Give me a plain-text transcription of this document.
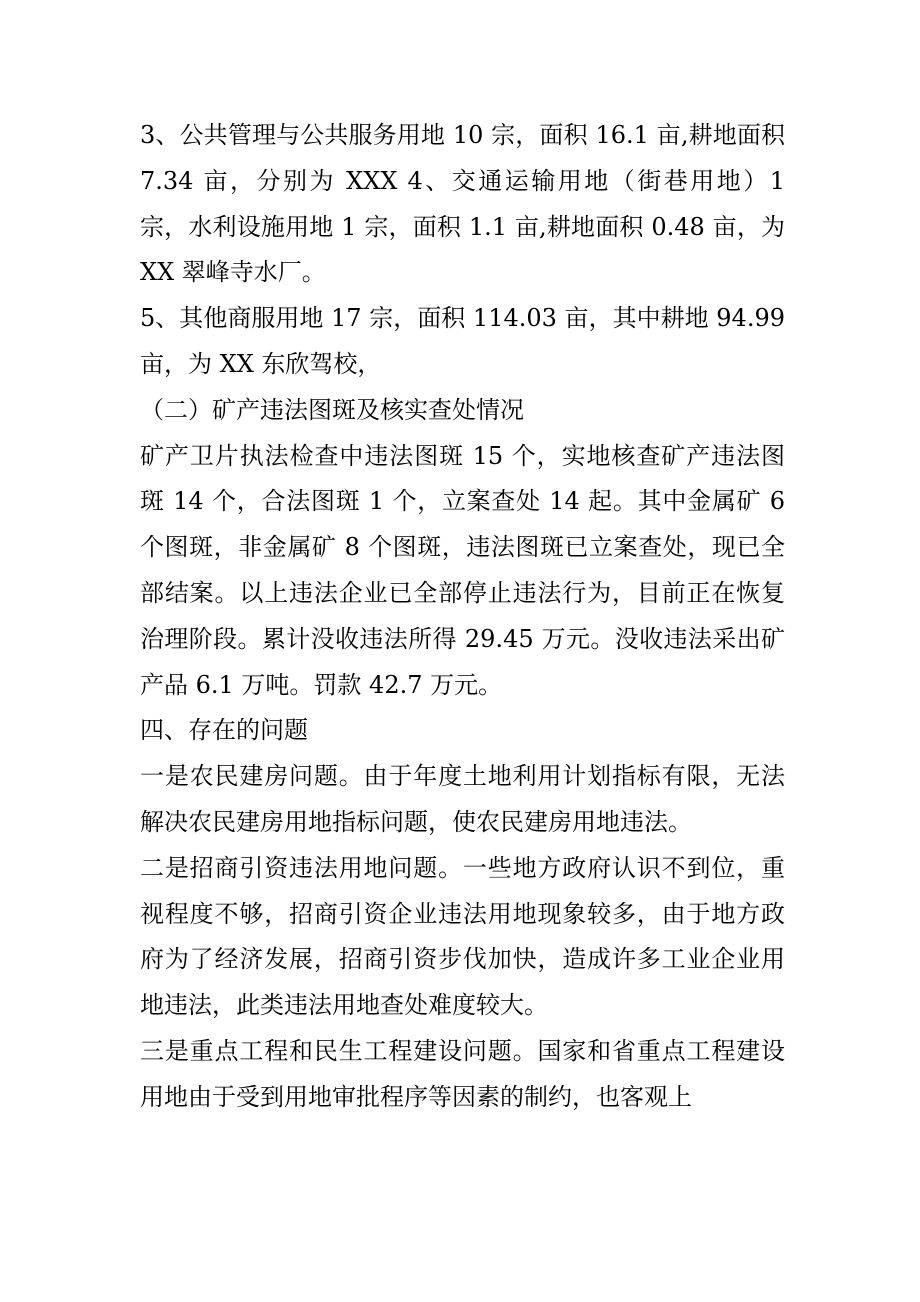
3、公共管理与公共服务用地 10 宗，面积 16.1 亩,耕地面积 7.34 亩，分别为 XXX 4、交通运输用地（街巷用地）1 宗，水利设施用地 1 宗，面积 1.1 亩,耕地面积 0.48 亩，为 XX 翠峰寺水厂。

5、其他商服用地 17 宗，面积 114.03 亩，其中耕地 94.99 亩，为 XX 东欣驾校，

（二）矿产违法图斑及核实查处情况

矿产卫片执法检查中违法图斑 15 个，实地核查矿产违法图斑 14 个，合法图斑 1 个，立案查处 14 起。其中金属矿 6 个图斑，非金属矿 8 个图斑，违法图斑已立案查处，现已全部结案。以上违法企业已全部停止违法行为，目前正在恢复治理阶段。累计没收违法所得 29.45 万元。没收违法采出矿产品 6.1 万吨。罚款 42.7 万元。

四、存在的问题

一是农民建房问题。由于年度土地利用计划指标有限，无法解决农民建房用地指标问题，使农民建房用地违法。

二是招商引资违法用地问题。一些地方政府认识不到位，重视程度不够，招商引资企业违法用地现象较多，由于地方政府为了经济发展，招商引资步伐加快，造成许多工业企业用地违法，此类违法用地查处难度较大。

三是重点工程和民生工程建设问题。国家和省重点工程建设用地由于受到用地审批程序等因素的制约，也客观上
